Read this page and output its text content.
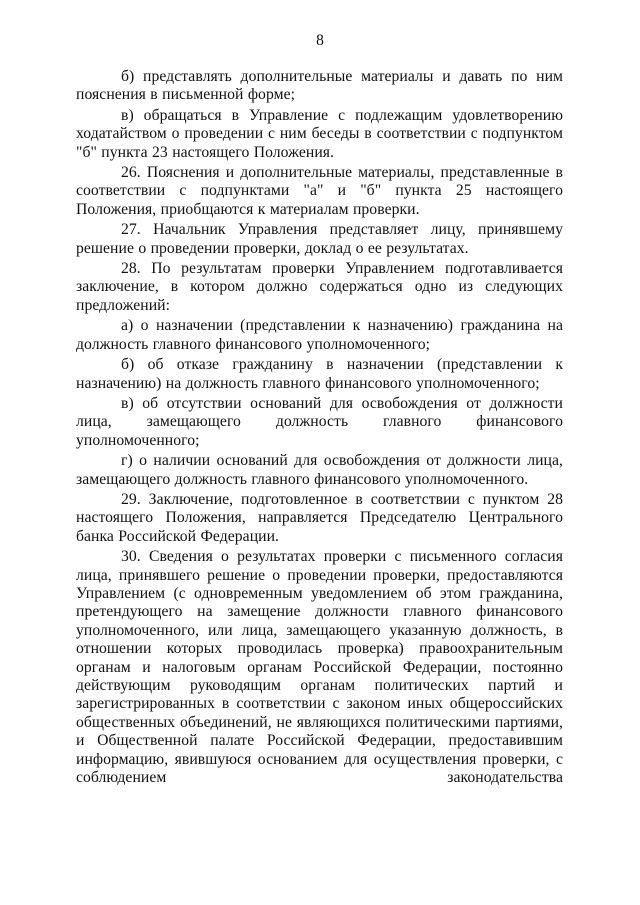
8

б) представлять дополнительные материалы и давать по ним пояснения в письменной форме;

в) обращаться в Управление с подлежащим удовлетворению ходатайством о проведении с ним беседы в соответствии с подпунктом "б" пункта 23 настоящего Положения.

26. Пояснения и дополнительные материалы, представленные в соответствии с подпунктами "а" и "б" пункта 25 настоящего Положения, приобщаются к материалам проверки.

27. Начальник Управления представляет лицу, принявшему решение о проведении проверки, доклад о ее результатах.

28. По результатам проверки Управлением подготавливается заключение, в котором должно содержаться одно из следующих предложений:

а) о назначении (представлении к назначению) гражданина на должность главного финансового уполномоченного;

б) об отказе гражданину в назначении (представлении к назначению) на должность главного финансового уполномоченного;

в) об отсутствии оснований для освобождения от должности лица, замещающего должность главного финансового уполномоченного;

г) о наличии оснований для освобождения от должности лица, замещающего должность главного финансового уполномоченного.

29. Заключение, подготовленное в соответствии с пунктом 28 настоящего Положения, направляется Председателю Центрального банка Российской Федерации.

30. Сведения о результатах проверки с письменного согласия лица, принявшего решение о проведении проверки, предоставляются Управлением (с одновременным уведомлением об этом гражданина, претендующего на замещение должности главного финансового уполномоченного, или лица, замещающего указанную должность, в отношении которых проводилась проверка) правоохранительным органам и налоговым органам Российской Федерации, постоянно действующим руководящим органам политических партий и зарегистрированных в соответствии с законом иных общероссийских общественных объединений, не являющихся политическими партиями, и Общественной палате Российской Федерации, предоставившим информацию, явившуюся основанием для осуществления проверки, с соблюдением законодательства
